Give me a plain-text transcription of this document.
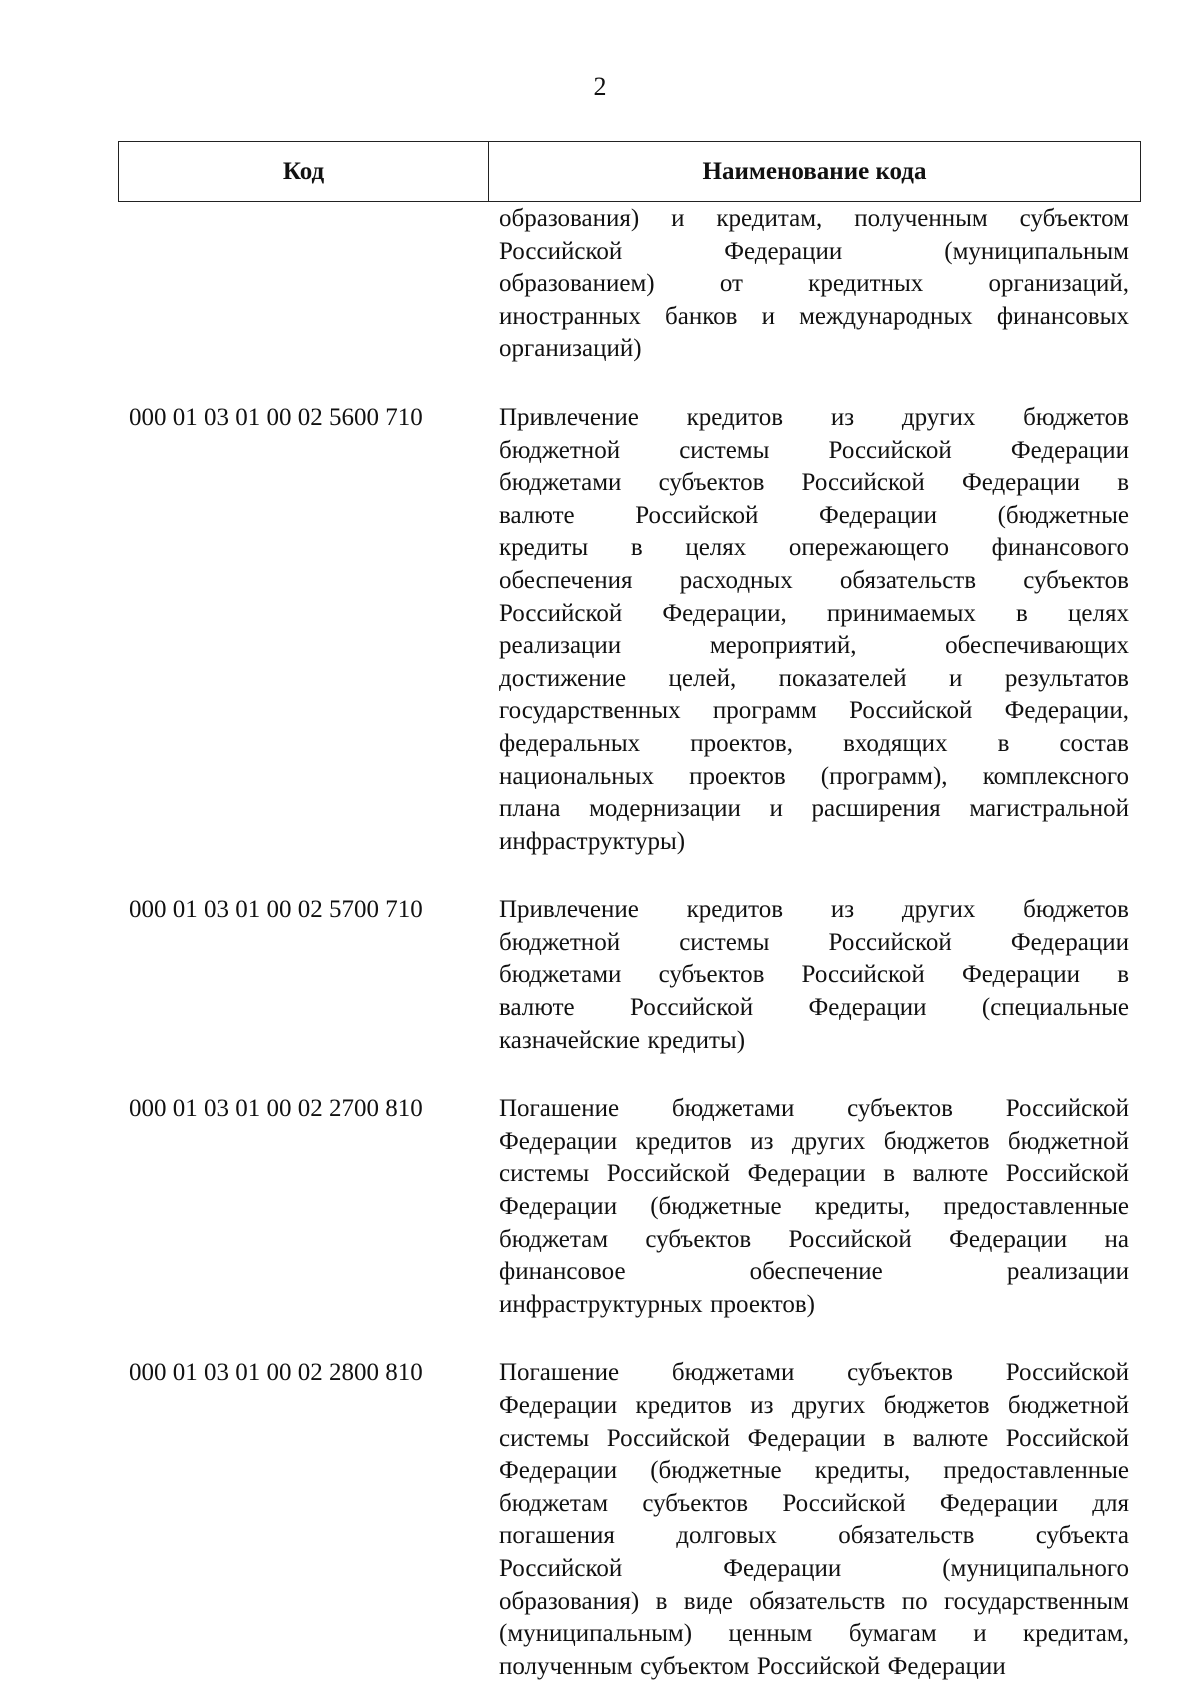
2
Код	Наименование кода
образования) и кредитам, полученным субъектом
Российской	Федерации	(муниципальным
образованием)	от	кредитных	организаций,
иностранных банков и международных финансовых
организаций)
000 01 03 01 00 02 5600 710	Привлечение кредитов из других бюджетов
бюджетной системы Российской Федерации
бюджетами субъектов Российской Федерации в
валюте Российской Федерации (бюджетные
кредиты в целях опережающего финансового
обеспечения расходных обязательств субъектов
Российской Федерации, принимаемых в целях
реализации	мероприятий,	обеспечивающих
достижение целей, показателей и результатов
государственных программ Российской Федерации,
федеральных проектов, входящих в состав
национальных проектов (программ), комплексного
плана модернизации и расширения магистральной
инфраструктуры)
000 01 03 01 00 02 5700 710	Привлечение кредитов из других бюджетов
бюджетной системы Российской Федерации
бюджетами субъектов Российской Федерации в
валюте Российской Федерации (специальные
казначейские кредиты)
000 01 03 01 00 02 2700 810	Погашение бюджетами субъектов Российской
Федерации кредитов из других бюджетов бюджетной
системы Российской Федерации в валюте Российской
Федерации (бюджетные кредиты, предоставленные
бюджетам субъектов Российской Федерации на
финансовое	обеспечение	реализации
инфраструктурных проектов)
000 01 03 01 00 02 2800 810	Погашение бюджетами субъектов Российской
Федерации кредитов из других бюджетов бюджетной
системы Российской Федерации в валюте Российской
Федерации (бюджетные кредиты, предоставленные
бюджетам субъектов Российской Федерации для
погашения долговых обязательств субъекта
Российской	Федерации	(муниципального
образования) в виде обязательств по государственным
(муниципальным) ценным бумагам и кредитам,
полученным субъектом Российской Федерации
